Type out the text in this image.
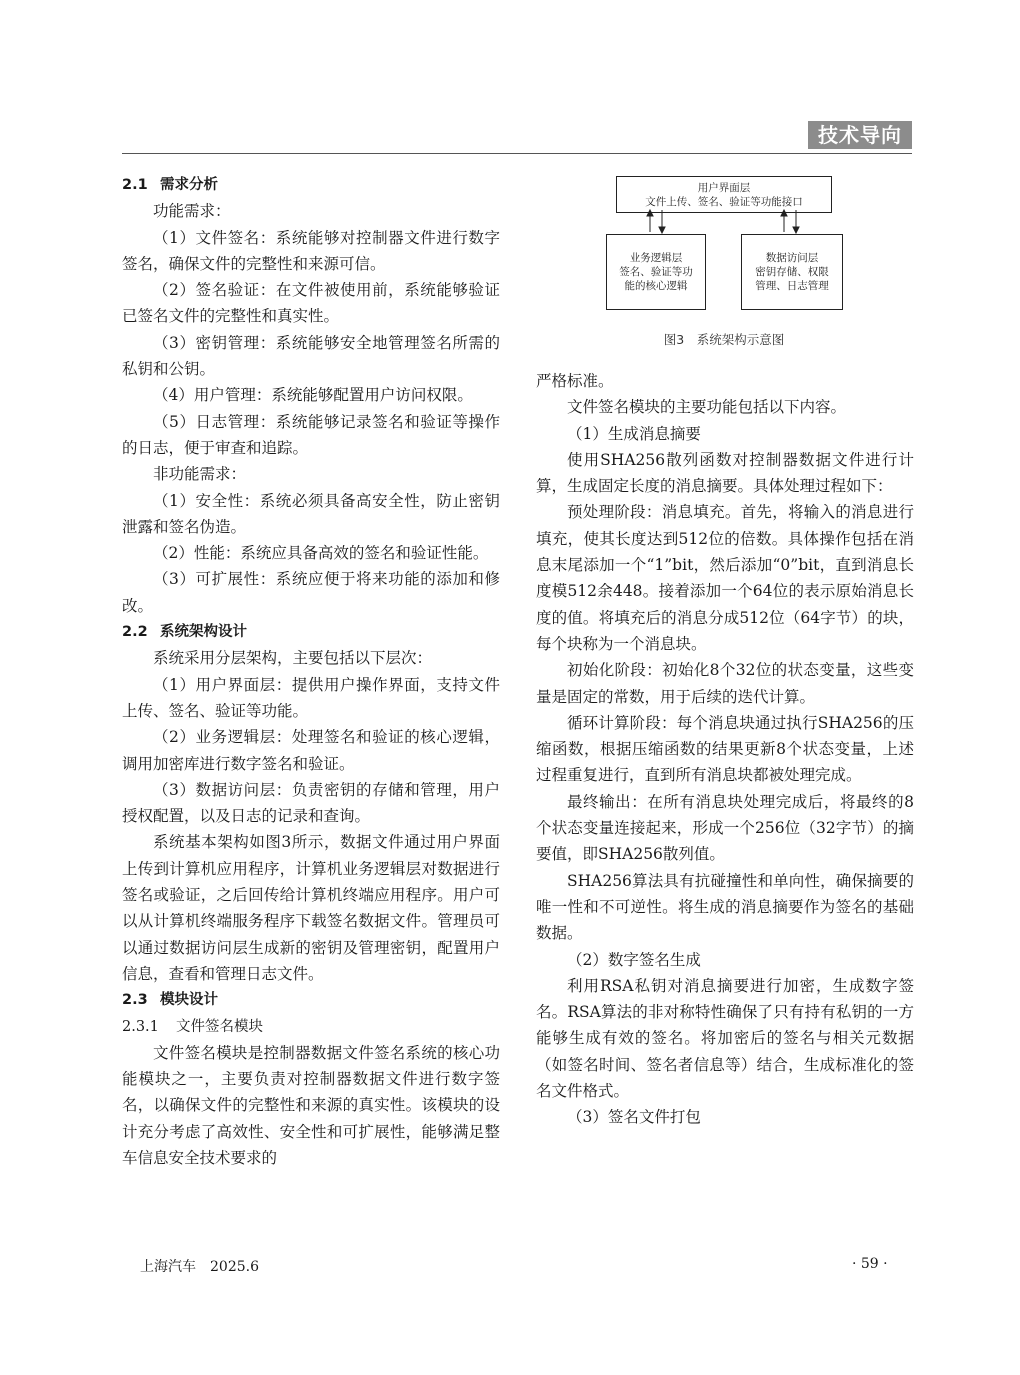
技术导向
2.1 需求分析

功能需求：

（1）文件签名：系统能够对控制器文件进行数字签名，确保文件的完整性和来源可信。

（2）签名验证：在文件被使用前，系统能够验证已签名文件的完整性和真实性。

（3）密钥管理：系统能够安全地管理签名所需的私钥和公钥。

（4）用户管理：系统能够配置用户访问权限。

（5）日志管理：系统能够记录签名和验证等操作的日志，便于审查和追踪。

非功能需求：

（1）安全性：系统必须具备高安全性，防止密钥泄露和签名伪造。

（2）性能：系统应具备高效的签名和验证性能。

（3）可扩展性：系统应便于将来功能的添加和修改。

2.2 系统架构设计

系统采用分层架构，主要包括以下层次：

（1）用户界面层：提供用户操作界面，支持文件上传、签名、验证等功能。

（2）业务逻辑层：处理签名和验证的核心逻辑，调用加密库进行数字签名和验证。

（3）数据访问层：负责密钥的存储和管理，用户授权配置，以及日志的记录和查询。

系统基本架构如图3所示，数据文件通过用户界面上传到计算机应用程序，计算机业务逻辑层对数据进行签名或验证，之后回传给计算机终端应用程序。用户可以从计算机终端服务程序下载签名数据文件。管理员可以通过数据访问层生成新的密钥及管理密钥，配置用户信息，查看和管理日志文件。

2.3 模块设计
2.3.1 文件签名模块

文件签名模块是控制器数据文件签名系统的核心功能模块之一，主要负责对控制器数据文件进行数字签名，以确保文件的完整性和来源的真实性。该模块的设计充分考虑了高效性、安全性和可扩展性，能够满足整车信息安全技术要求的

用户界面层
文件上传、签名、验证等功能接口
业务逻辑层
签名、验证等功
能的核心逻辑
数据访问层
密钥存储、权限
管理、日志管理
图3　系统架构示意图

严格标准。

文件签名模块的主要功能包括以下内容。

（1）生成消息摘要

使用SHA256散列函数对控制器数据文件进行计算，生成固定长度的消息摘要。具体处理过程如下：

预处理阶段：消息填充。首先，将输入的消息进行填充，使其长度达到512位的倍数。具体操作包括在消息末尾添加一个“1”bit，然后添加“0”bit，直到消息长度模512余448。接着添加一个64位的表示原始消息长度的值。将填充后的消息分成512位（64字节）的块，每个块称为一个消息块。

初始化阶段：初始化8个32位的状态变量，这些变量是固定的常数，用于后续的迭代计算。

循环计算阶段：每个消息块通过执行SHA256的压缩函数，根据压缩函数的结果更新8个状态变量，上述过程重复进行，直到所有消息块都被处理完成。

最终输出：在所有消息块处理完成后，将最终的8个状态变量连接起来，形成一个256位（32字节）的摘要值，即SHA256散列值。

SHA256算法具有抗碰撞性和单向性，确保摘要的唯一性和不可逆性。将生成的消息摘要作为签名的基础数据。

（2）数字签名生成

利用RSA私钥对消息摘要进行加密，生成数字签名。RSA算法的非对称特性确保了只有持有私钥的一方能够生成有效的签名。将加密后的签名与相关元数据（如签名时间、签名者信息等）结合，生成标准化的签名文件格式。

（3）签名文件打包

上海汽车　2025.6	· 59 ·
